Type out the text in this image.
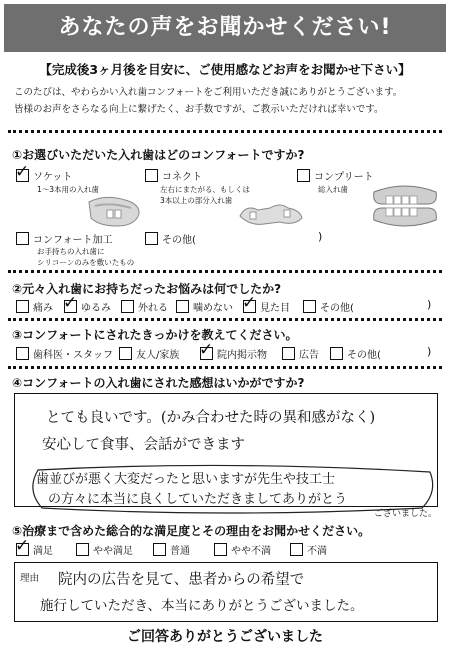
あなたの声をお聞かせください!
【完成後3ヶ月後を目安に、ご使用感などお声をお聞かせ下さい】
このたびは、やわらかい入れ歯コンフォートをご利用いただき誠にありがとうございます。
皆様のお声をさらなる向上に繋げたく、お手数ですが、ご教示いただければ幸いです。
①お選びいただいた入れ歯はどのコンフォートですか?
✓ ソケット
1〜3本用の入れ歯
コネクト
左右にまたがる、もしくは
3本以上の部分入れ歯
コンプリート
総入れ歯
コンフォート加工
お手持ちの入れ歯に
シリコーンのみを敷いたもの
その他(	)
②元々入れ歯にお持ちだったお悩みは何でしたか?
痛み ✓ ゆるみ	外れる	噛めない ✓ 見た目	その他(	)
③コンフォートにされたきっかけを教えてください。
歯科医・スタッフ 友人/家族 ✓ 院内掲示物	広告	その他(	)
④コンフォートの入れ歯にされた感想はいかがですか?
とても良いです。(かみ合わせた時の異和感がなく)
安心して食事、会話ができます
歯並びが悪く大変だったと思いますが先生や技工士
の方々に本当に良くしていただきましてありがとう
ございました。
⑤治療まで含めた総合的な満足度とその理由をお聞かせください。
✓ 満足	やや満足	普通	やや不満	不満
理由 院内の広告を見て、患者からの希望で
施行していただき、本当にありがとうございました。
ご回答ありがとうございました
